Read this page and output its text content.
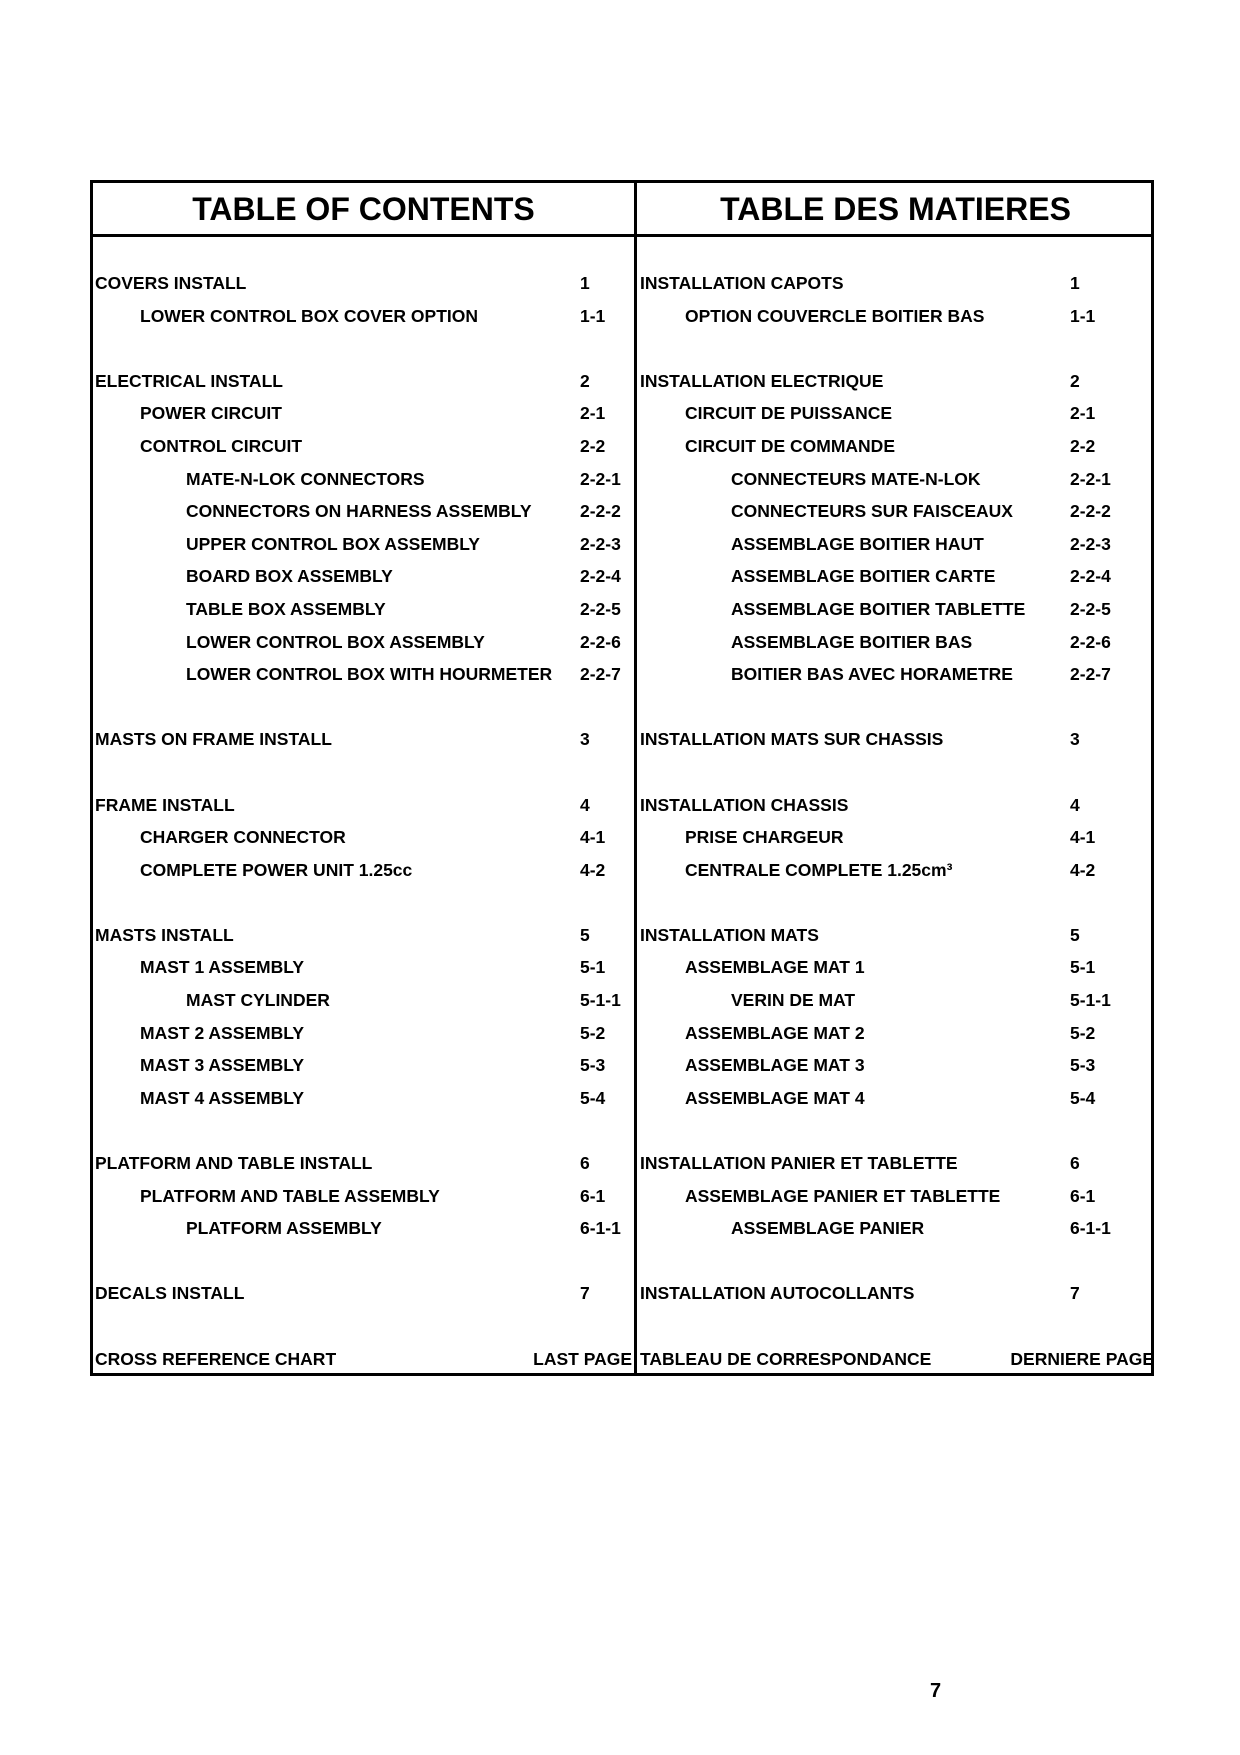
TABLE OF CONTENTS	TABLE DES MATIERES
COVERS INSTALL	1
LOWER CONTROL BOX COVER OPTION	1-1
ELECTRICAL INSTALL	2
POWER CIRCUIT	2-1
CONTROL CIRCUIT	2-2
MATE-N-LOK CONNECTORS	2-2-1
CONNECTORS ON HARNESS ASSEMBLY	2-2-2
UPPER CONTROL BOX ASSEMBLY	2-2-3
BOARD BOX ASSEMBLY	2-2-4
TABLE BOX ASSEMBLY	2-2-5
LOWER CONTROL BOX ASSEMBLY	2-2-6
LOWER CONTROL BOX WITH HOURMETER 2-2-7
MASTS ON FRAME INSTALL	3
FRAME INSTALL	4
CHARGER CONNECTOR	4-1
COMPLETE POWER UNIT 1.25cc	4-2
MASTS INSTALL	5
MAST 1 ASSEMBLY	5-1
MAST CYLINDER	5-1-1
MAST 2 ASSEMBLY	5-2
MAST 3 ASSEMBLY	5-3
MAST 4 ASSEMBLY	5-4
PLATFORM AND TABLE INSTALL	6
PLATFORM AND TABLE ASSEMBLY	6-1
PLATFORM ASSEMBLY	6-1-1
DECALS INSTALL	7
CROSS REFERENCE CHART	LAST PAGE
INSTALLATION CAPOTS	1
OPTION COUVERCLE BOITIER BAS	1-1
INSTALLATION ELECTRIQUE	2
CIRCUIT DE PUISSANCE	2-1
CIRCUIT DE COMMANDE	2-2
CONNECTEURS MATE-N-LOK	2-2-1
CONNECTEURS SUR FAISCEAUX	2-2-2
ASSEMBLAGE BOITIER HAUT	2-2-3
ASSEMBLAGE BOITIER CARTE	2-2-4
ASSEMBLAGE BOITIER TABLETTE	2-2-5
ASSEMBLAGE BOITIER BAS	2-2-6
BOITIER BAS AVEC HORAMETRE	2-2-7
INSTALLATION MATS SUR CHASSIS	3
INSTALLATION CHASSIS	4
PRISE CHARGEUR	4-1
CENTRALE COMPLETE 1.25cm³	4-2
INSTALLATION MATS	5
ASSEMBLAGE MAT 1	5-1
VERIN DE MAT	5-1-1
ASSEMBLAGE MAT 2	5-2
ASSEMBLAGE MAT 3	5-3
ASSEMBLAGE MAT 4	5-4
INSTALLATION PANIER ET TABLETTE	6
ASSEMBLAGE PANIER ET TABLETTE	6-1
ASSEMBLAGE PANIER	6-1-1
INSTALLATION AUTOCOLLANTS	7
TABLEAU DE CORRESPONDANCE	DERNIERE PAGE
7
